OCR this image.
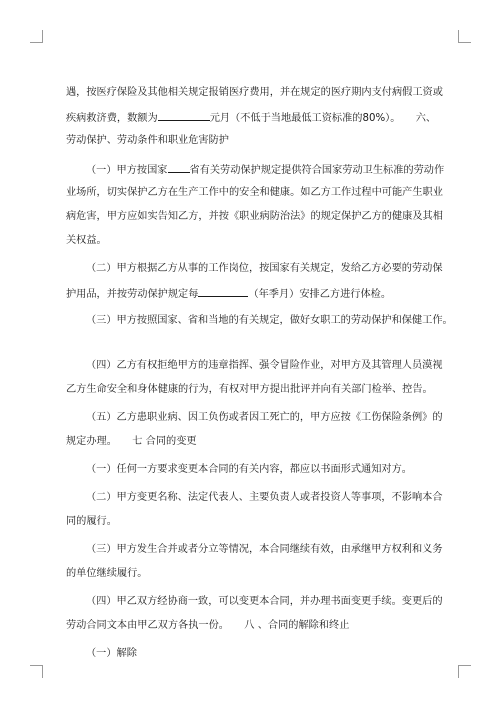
遇，按医疗保险及其他相关规定报销医疗费用，并在规定的医疗期内支付病假工资或
疾病救济费，数额为	元月（不低于当地最低工资标准的80%）。　　六、
劳动保护、劳动条件和职业危害防护
（一）甲方按国家 省有关劳动保护规定提供符合国家劳动卫生标准的劳动作
业场所，切实保护乙方在生产工作中的安全和健康。如乙方工作过程中可能产生职业
病危害，甲方应如实告知乙方，并按《职业病防治法》的规定保护乙方的健康及其相
关权益。
（二）甲方根据乙方从事的工作岗位，按国家有关规定，发给乙方必要的劳动保
护用品，并按劳动保护规定每	（年季月）安排乙方进行体检。
（三）甲方按照国家、省和当地的有关规定，做好女职工的劳动保护和保健工作。
（四）乙方有权拒绝甲方的违章指挥、强令冒险作业，对甲方及其管理人员漠视
乙方生命安全和身体健康的行为，有权对甲方提出批评并向有关部门检举、控告。
（五）乙方患职业病、因工负伤或者因工死亡的，甲方应按《工伤保险条例》的
规定办理。　　七 合同的变更
（一）任何一方要求变更本合同的有关内容，都应以书面形式通知对方。
（二）甲方变更名称、法定代表人、主要负责人或者投资人等事项，不影响本合
同的履行。
（三）甲方发生合并或者分立等情况，本合同继续有效，由承继甲方权利和义务
的单位继续履行。
（四）甲乙双方经协商一致，可以变更本合同，并办理书面变更手续。变更后的
劳动合同文本由甲乙双方各执一份。　　八 、合同的解除和终止
（一）解除
